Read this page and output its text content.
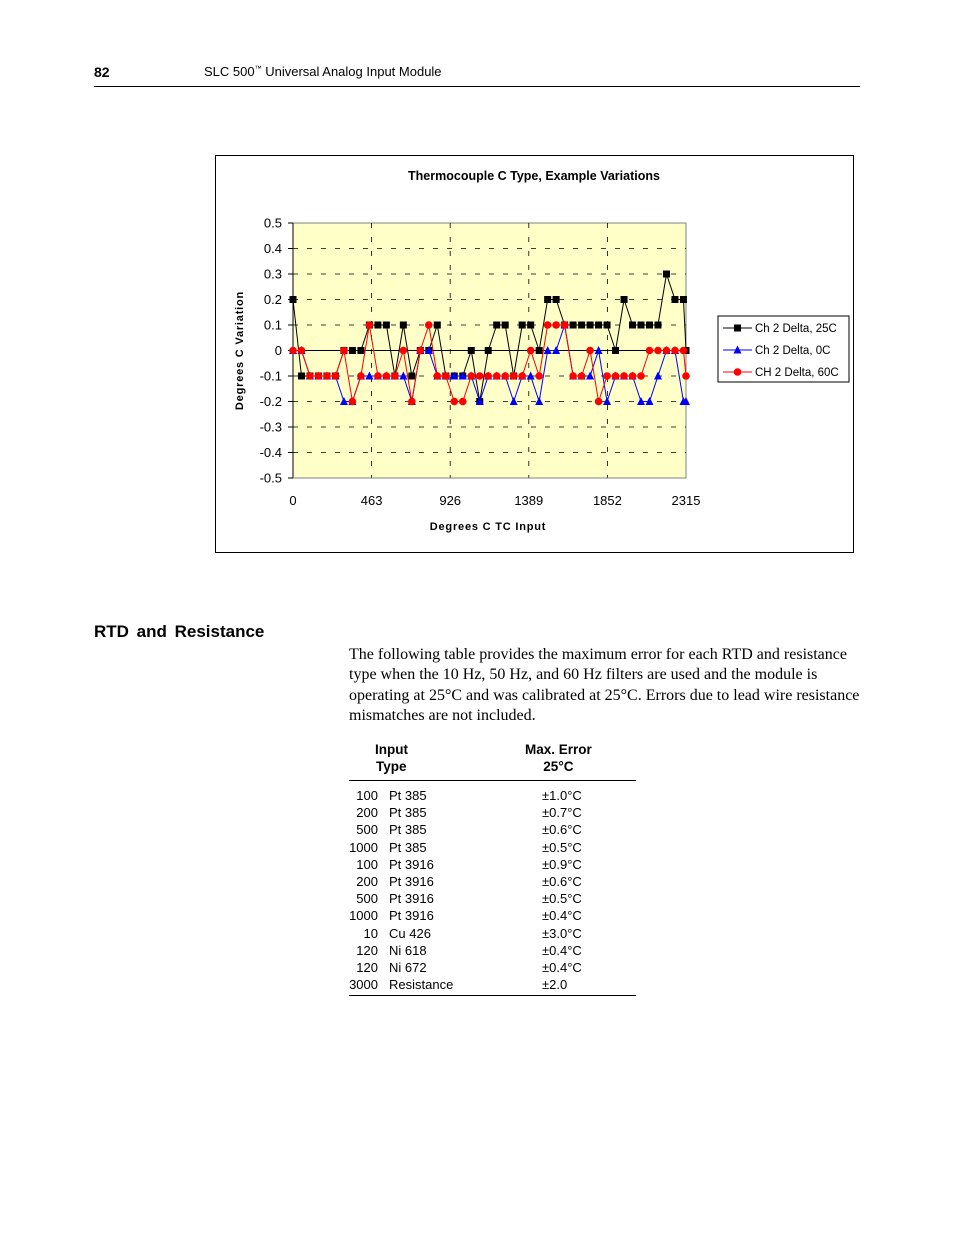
82	SLC 500™ Universal Analog Input Module
0.5
0.4
0.3
0.2
0.1
0
-0.1
-0.2
-0.3
-0.4
-0.5
0	463	926	1389	1852	2315
Thermocouple C Type, Example Variations
Degrees C TC Input
Degrees C Variation	Ch 2 Delta, 25C
Ch 2 Delta, 0C
CH 2 Delta, 60C
RTD and Resistance
The following table provides the maximum error for each RTD and resistance type when the 10 Hz, 50 Hz, and 60 Hz filters are used and the module is operating at 25°C and was calibrated at 25°C. Errors due to lead wire resistance mismatches are not included.
Input
Type
Max. Error
25°C
100 Pt 385	±1.0°C
200 Pt 385	±0.7°C
500 Pt 385	±0.6°C
1000 Pt 385	±0.5°C
100 Pt 3916	±0.9°C
200 Pt 3916	±0.6°C
500 Pt 3916	±0.5°C
1000 Pt 3916	±0.4°C
10 Cu 426	±3.0°C
120 Ni 618	±0.4°C
120 Ni 672	±0.4°C
3000 Resistance	±2.0
